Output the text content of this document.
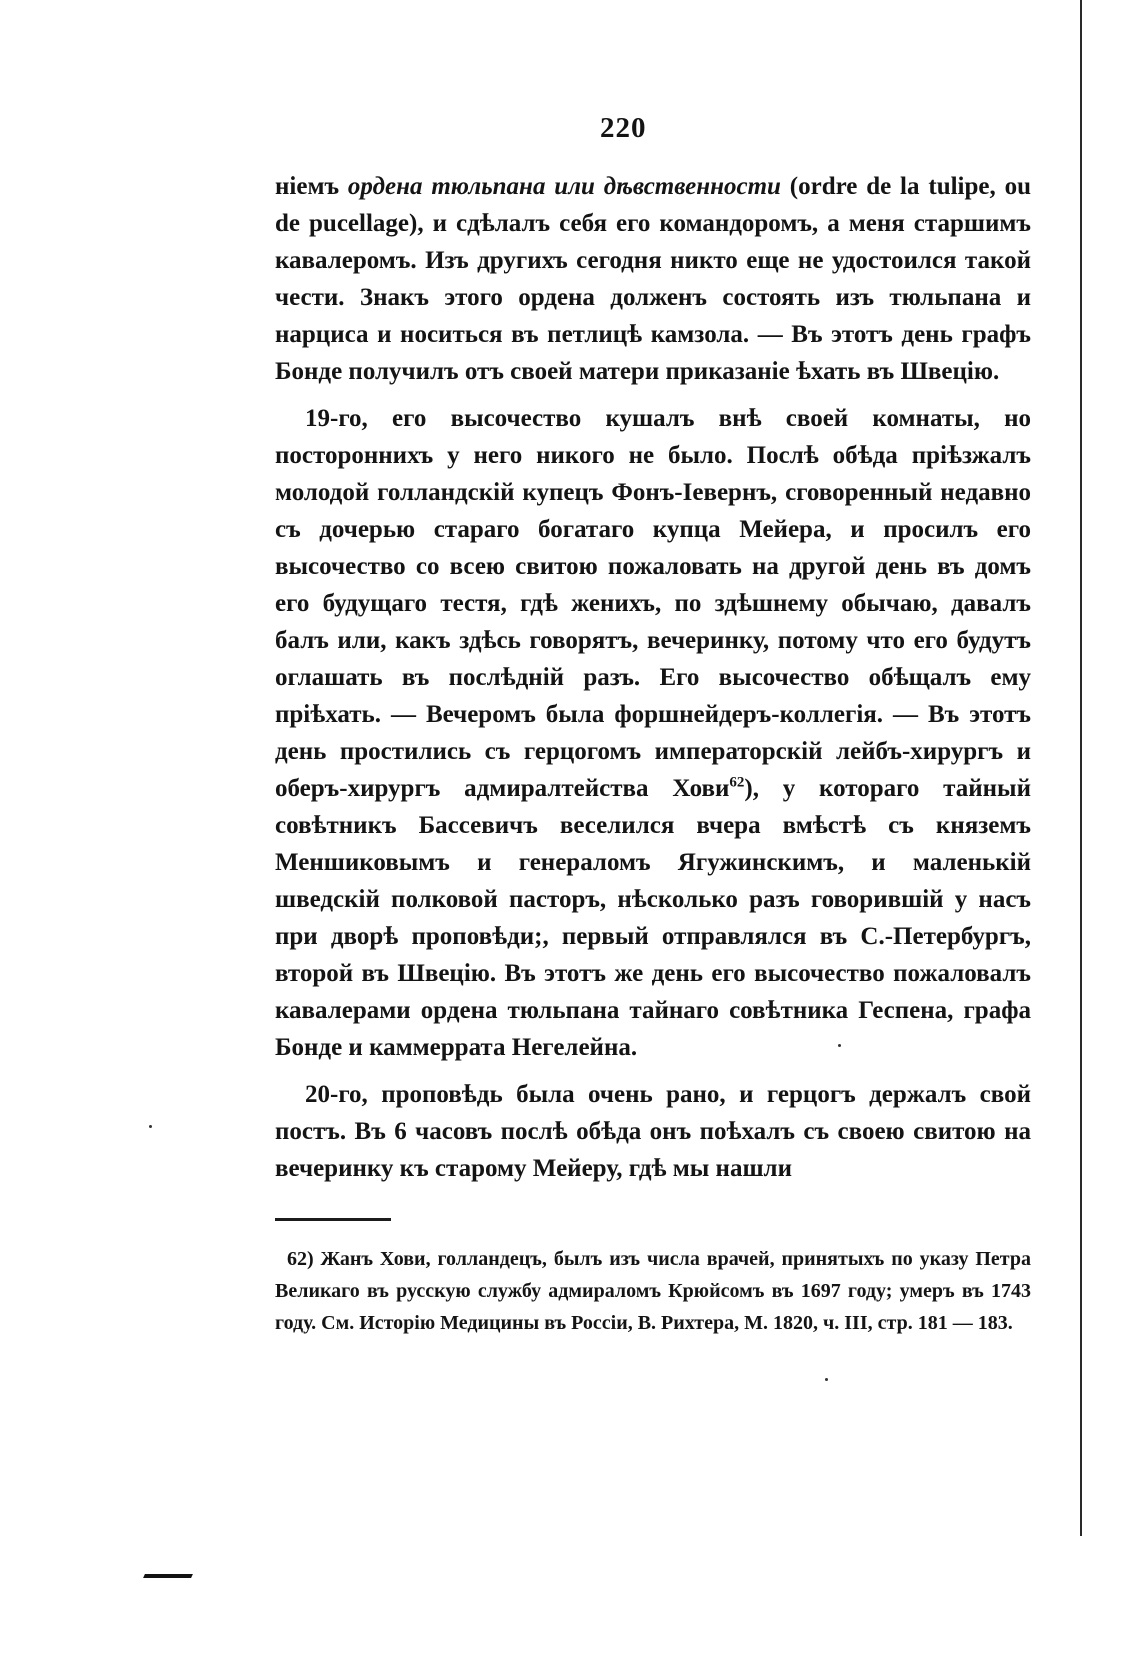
220

ніемъ ордена тюльпана или дѣвственности (ordre de la tulipe, ou de pucellage), и сдѣлалъ себя его командоромъ, а меня старшимъ кавалеромъ. Изъ другихъ сегодня никто еще не удостоился такой чести. Знакъ этого ордена долженъ состоять изъ тюльпана и нарциса и носиться въ петлицѣ камзола. — Въ этотъ день графъ Бонде получилъ отъ своей матери приказаніе ѣхать въ Швецію.

19-го, его высочество кушалъ внѣ своей комнаты, но постороннихъ у него никого не было. Послѣ обѣда пріѣзжалъ молодой голландскій купецъ Фонъ-Іевернъ, сговоренный недавно съ дочерью стараго богатаго купца Мейера, и просилъ его высочество со всею свитою пожаловать на другой день въ домъ его будущаго тестя, гдѣ женихъ, по здѣшнему обычаю, давалъ балъ или, какъ здѣсь говорятъ, вечеринку, потому что его будутъ оглашать въ послѣдній разъ. Его высочество обѣщалъ ему пріѣхать. — Вечеромъ была форшнейдеръ-коллегія. — Въ этотъ день простились съ герцогомъ императорскій лейбъ-хирургъ и оберъ-хирургъ адмиралтейства Хови$^{62}$), у котораго тайный совѣтникъ Бассевичъ веселился вчера вмѣстѣ съ княземъ Меншиковымъ и генераломъ Ягужинскимъ, и маленькій шведскій полковой пасторъ, нѣсколько разъ говорившій у насъ при дворѣ проповѣди;, первый отправлялся въ С.-Петербургъ, второй въ Швецію. Въ этотъ же день его высочество пожаловалъ кавалерами ордена тюльпана тайнаго совѣтника Геспена, графа Бонде и каммеррата Негелейна.

20-го, проповѣдь была очень рано, и герцогъ держалъ свой постъ. Въ 6 часовъ послѣ обѣда онъ поѣхалъ съ своею свитою на вечеринку къ старому Мейеру, гдѣ мы нашли

62) Жанъ Хови, голландецъ, былъ изъ числа врачей, принятыхъ по указу Петра Великаго въ русскую службу адмираломъ Крюйсомъ въ 1697 году; умеръ въ 1743 году. См. Исторію Медицины въ Россіи, В. Рихтера, М. 1820, ч. III, стр. 181 — 183.
